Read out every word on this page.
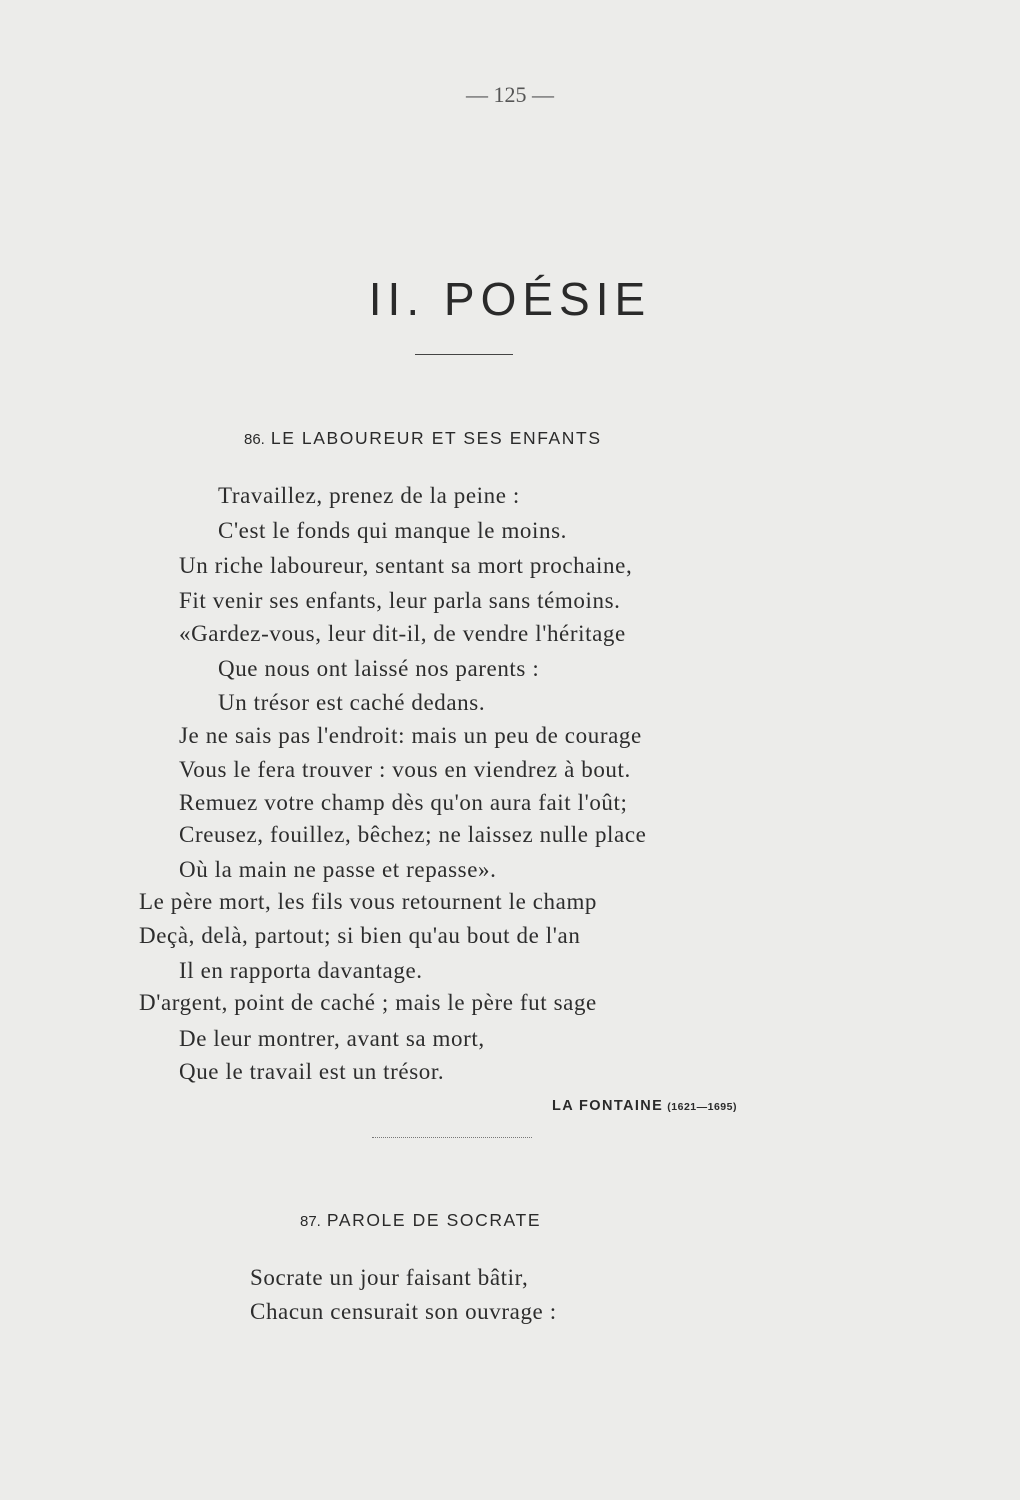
— 125 —
II. POÉSIE
86. LE LABOUREUR ET SES ENFANTS
Travaillez, prenez de la peine :
C'est le fonds qui manque le moins.
Un riche laboureur, sentant sa mort prochaine,
Fit venir ses enfants, leur parla sans témoins.
«Gardez-vous, leur dit-il, de vendre l'héritage
Que nous ont laissé nos parents :
Un trésor est caché dedans.
Je ne sais pas l'endroit: mais un peu de courage
Vous le fera trouver : vous en viendrez à bout.
Remuez votre champ dès qu'on aura fait l'oût;
Creusez, fouillez, bêchez; ne laissez nulle place
Où la main ne passe et repasse».
Le père mort, les fils vous retournent le champ
Deçà, delà, partout; si bien qu'au bout de l'an
Il en rapporta davantage.
D'argent, point de caché ; mais le père fut sage
De leur montrer, avant sa mort,
Que le travail est un trésor.
LA FONTAINE (1621—1695)
87. PAROLE DE SOCRATE
Socrate un jour faisant bâtir,
Chacun censurait son ouvrage :
